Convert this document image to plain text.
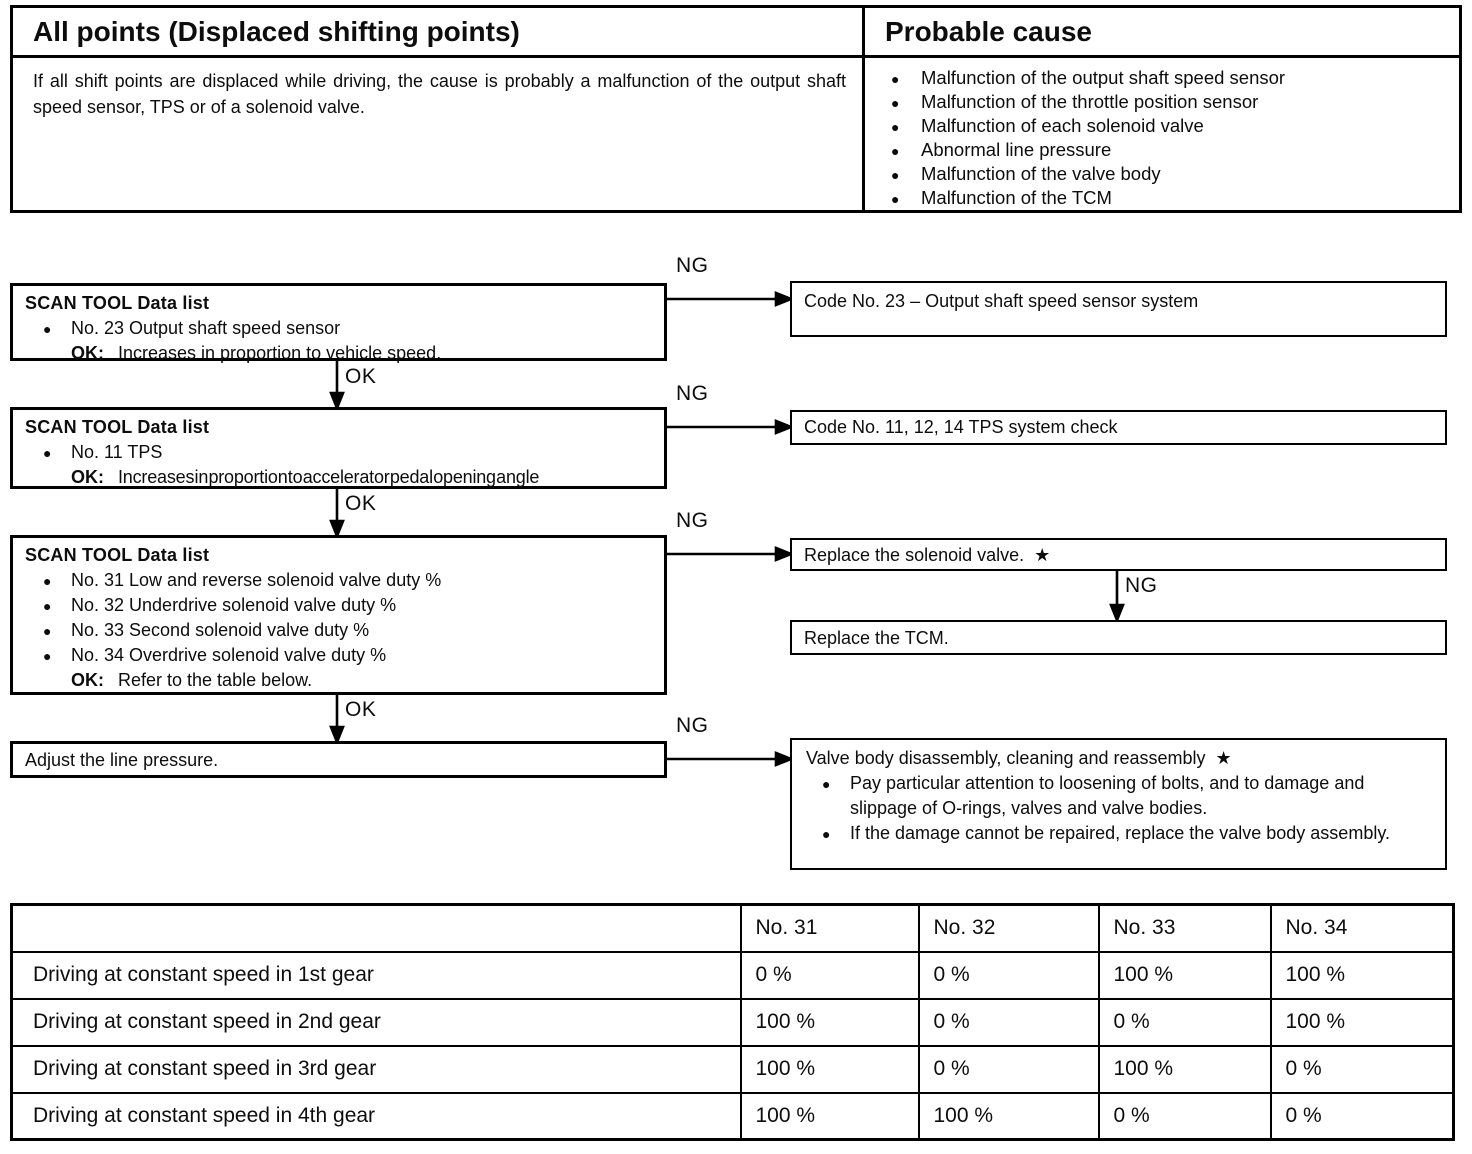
All points (Displaced shifting points)	Probable cause

If all shift points are displaced while driving, the cause is probably a malfunction of the output shaft speed sensor, TPS or of a solenoid valve.

●
Malfunction of the output shaft speed sensor
●
Malfunction of the throttle position sensor
●
Malfunction of each solenoid valve
●
Abnormal line pressure
●
Malfunction of the valve body
●
Malfunction of the TCM
NG
OK
NG
OK
NG
NG
OK
NG
SCAN TOOL Data list
●
No. 23 Output shaft speed sensor
OK: Increases in proportion to vehicle speed.
Code No. 23 – Output shaft speed sensor system
SCAN TOOL Data list
●
No. 11 TPS
OK: Increases in proportion to accelerator pedal opening angle
Code No. 11, 12, 14 TPS system check
SCAN TOOL Data list
●
No. 31 Low and reverse solenoid valve duty %
●
No. 32 Underdrive solenoid valve duty %
●
No. 33 Second solenoid valve duty %
●
No. 34 Overdrive solenoid valve duty %
OK: Refer to the table below.
Replace the solenoid valve. ★
Replace the TCM.
Adjust the line pressure.	Valve body disassembly, cleaning and reassembly ★
●
Pay particular attention to loosening of bolts, and to damage and slippage of O-rings, valves and valve bodies.
●
If the damage cannot be repaired, replace the valve body assembly.
	No. 31	No. 32	No. 33	No. 34
Driving at constant speed in 1st gear	0 %	0 %	100 %	100 %
Driving at constant speed in 2nd gear	100 %	0 %	0 %	100 %
Driving at constant speed in 3rd gear	100 %	0 %	100 %	0 %
Driving at constant speed in 4th gear	100 %	100 %	0 %	0 %
